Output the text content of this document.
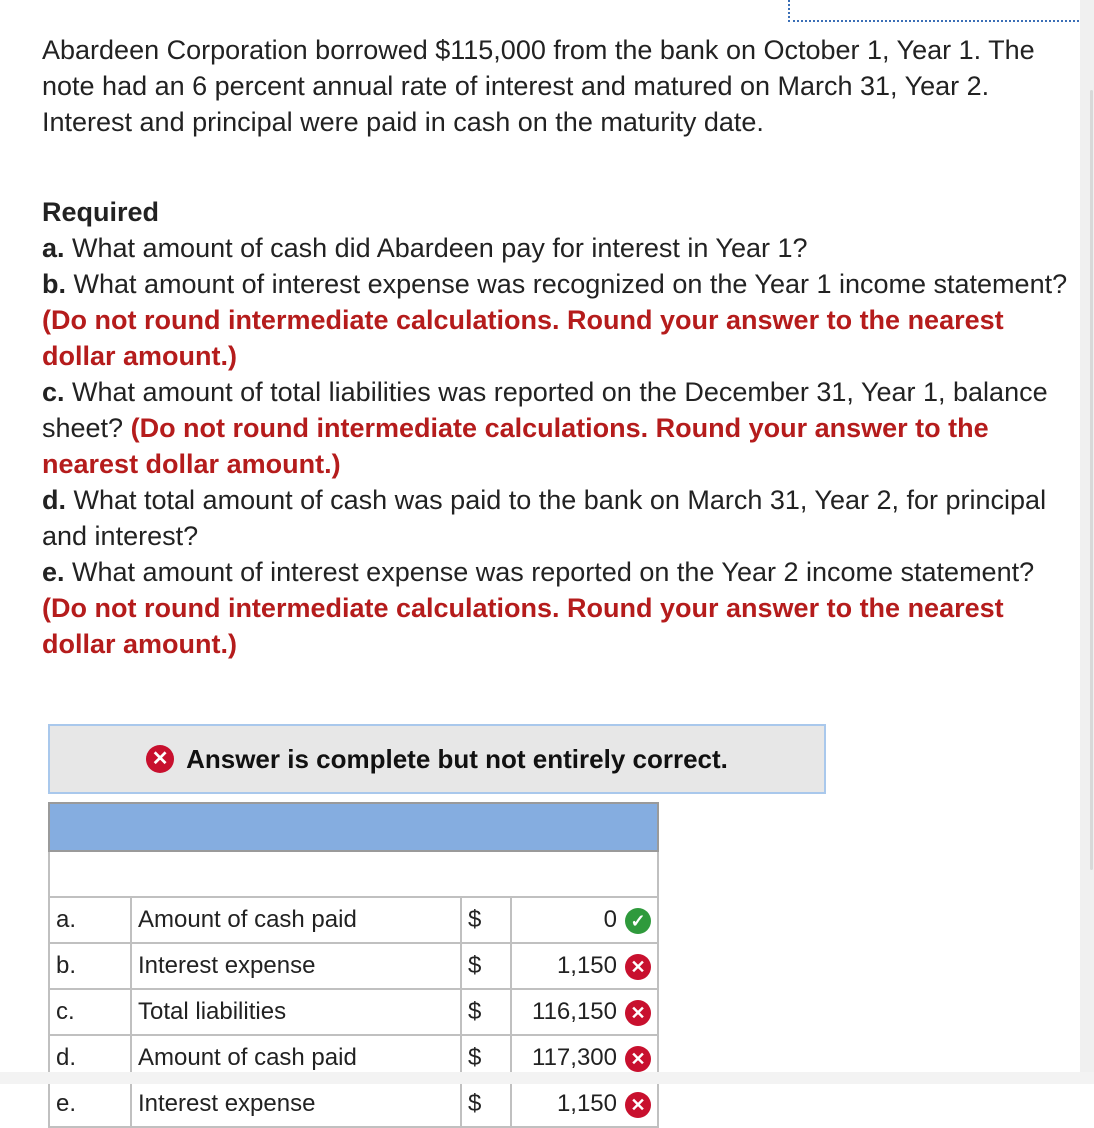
Abardeen Corporation borrowed $115,000 from the bank on October 1, Year 1. The note had an 6 percent annual rate of interest and matured on March 31, Year 2. Interest and principal were paid in cash on the maturity date.

Required

a. What amount of cash did Abardeen pay for interest in Year 1?

b. What amount of interest expense was recognized on the Year 1 income statement? (Do not round intermediate calculations. Round your answer to the nearest dollar amount.)

c. What amount of total liabilities was reported on the December 31, Year 1, balance sheet? (Do not round intermediate calculations. Round your answer to the nearest dollar amount.)

d. What total amount of cash was paid to the bank on March 31, Year 2, for principal and interest?

e. What amount of interest expense was reported on the Year 2 income statement? (Do not round intermediate calculations. Round your answer to the nearest dollar amount.)

✕ Answer is complete but not entirely correct.

a.	Amount of cash paid	$	0 ✓
b.	Interest expense	$	1,150 ✕
c.	Total liabilities	$	116,150 ✕
d.	Amount of cash paid	$	117,300 ✕
e.	Interest expense	$	1,150 ✕
